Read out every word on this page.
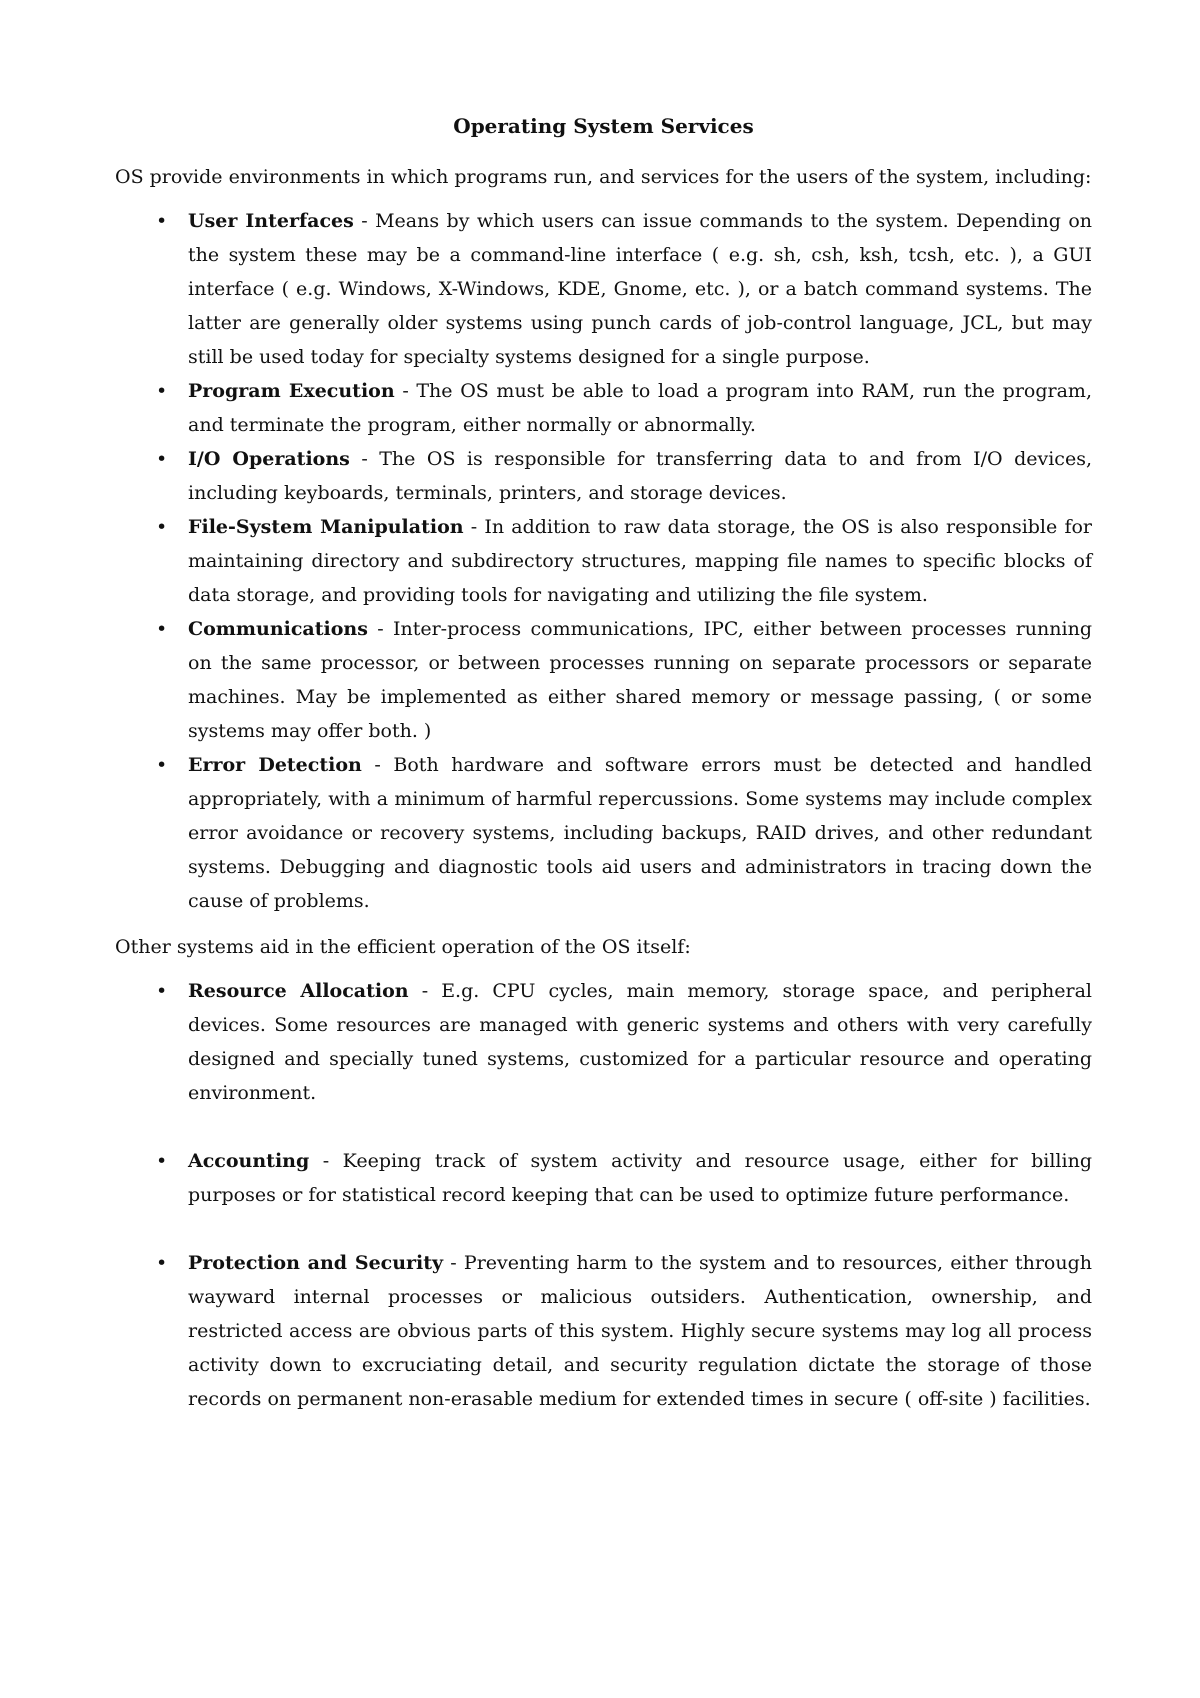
Operating System Services

OS provide environments in which programs run, and services for the users of the system, including:

• User Interfaces - Means by which users can issue commands to the system. Depending on the system these may be a command-line interface ( e.g. sh, csh, ksh, tcsh, etc. ), a GUI interface ( e.g. Windows, X-Windows, KDE, Gnome, etc. ), or a batch command systems. The latter are generally older systems using punch cards of job-control language, JCL, but may still be used today for specialty systems designed for a single purpose.
• Program Execution - The OS must be able to load a program into RAM, run the program, and terminate the program, either normally or abnormally.
• I/O Operations - The OS is responsible for transferring data to and from I/O devices, including keyboards, terminals, printers, and storage devices.
• File-System Manipulation - In addition to raw data storage, the OS is also responsible for maintaining directory and subdirectory structures, mapping file names to specific blocks of data storage, and providing tools for navigating and utilizing the file system.
• Communications - Inter-process communications, IPC, either between processes running on the same processor, or between processes running on separate processors or separate machines. May be implemented as either shared memory or message passing, ( or some systems may offer both. )
• Error Detection - Both hardware and software errors must be detected and handled appropriately, with a minimum of harmful repercussions. Some systems may include complex error avoidance or recovery systems, including backups, RAID drives, and other redundant systems. Debugging and diagnostic tools aid users and administrators in tracing down the cause of problems.

Other systems aid in the efficient operation of the OS itself:

• Resource Allocation - E.g. CPU cycles, main memory, storage space, and peripheral devices. Some resources are managed with generic systems and others with very carefully designed and specially tuned systems, customized for a particular resource and operating environment.
• Accounting - Keeping track of system activity and resource usage, either for billing purposes or for statistical record keeping that can be used to optimize future performance.
• Protection and Security - Preventing harm to the system and to resources, either through wayward internal processes or malicious outsiders. Authentication, ownership, and restricted access are obvious parts of this system. Highly secure systems may log all process activity down to excruciating detail, and security regulation dictate the storage of those records on permanent non-erasable medium for extended times in secure ( off-site ) facilities.
